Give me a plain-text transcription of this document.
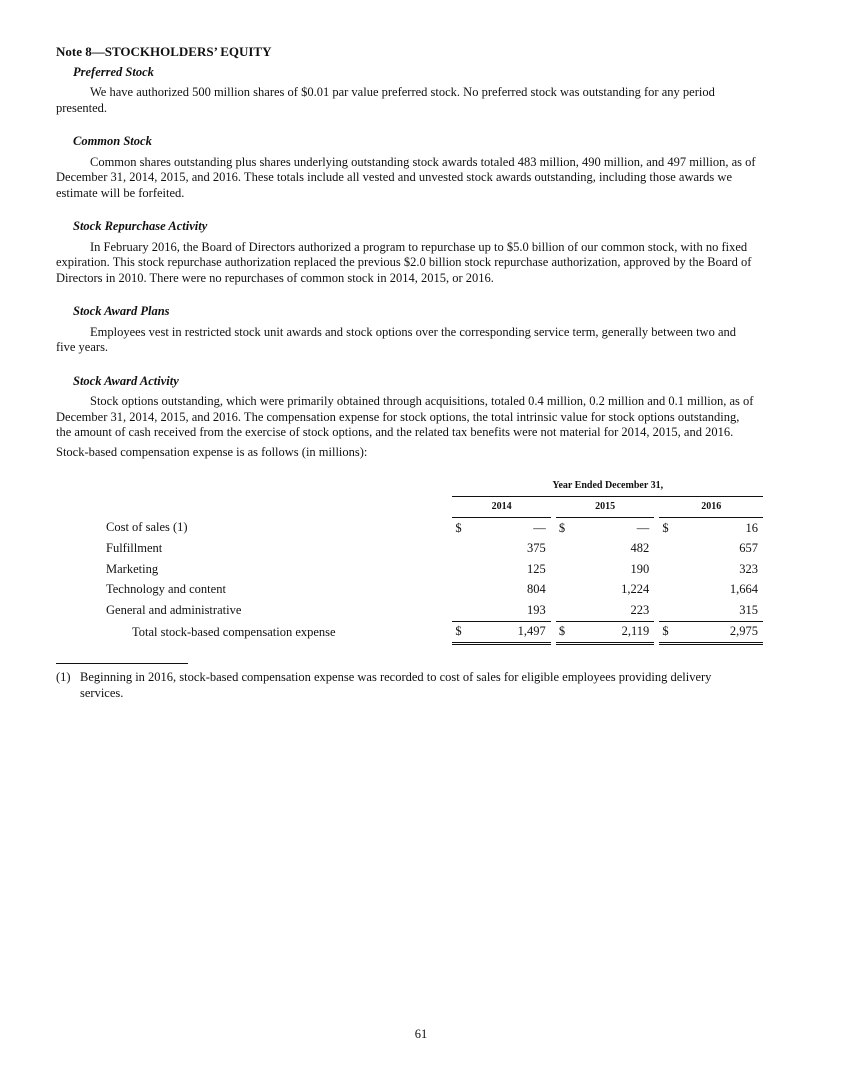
Note 8—STOCKHOLDERS’ EQUITY
Preferred Stock

We have authorized 500 million shares of $0.01 par value preferred stock. No preferred stock was outstanding for any period presented.

Common Stock

Common shares outstanding plus shares underlying outstanding stock awards totaled 483 million, 490 million, and 497 million, as of December 31, 2014, 2015, and 2016. These totals include all vested and unvested stock awards outstanding, including those awards we estimate will be forfeited.

Stock Repurchase Activity

In February 2016, the Board of Directors authorized a program to repurchase up to $5.0 billion of our common stock, with no fixed expiration. This stock repurchase authorization replaced the previous $2.0 billion stock repurchase authorization, approved by the Board of Directors in 2010. There were no repurchases of common stock in 2014, 2015, or 2016.

Stock Award Plans

Employees vest in restricted stock unit awards and stock options over the corresponding service term, generally between two and five years.

Stock Award Activity

Stock options outstanding, which were primarily obtained through acquisitions, totaled 0.4 million, 0.2 million and 0.1 million, as of December 31, 2014, 2015, and 2016. The compensation expense for stock options, the total intrinsic value for stock options outstanding, the amount of cash received from the exercise of stock options, and the related tax benefits were not material for 2014, 2015, and 2016.

Stock-based compensation expense is as follows (in millions):

	Year Ended December 31,							
	2014			2015			2016	
Cost of sales (1)	$	—		$	—		$	16
Fulfillment		375			482			657
Marketing		125			190			323
Technology and content		804			1,224			1,664
General and administrative		193			223			315
Total stock-based compensation expense	$	1,497		$	2,119		$	2,975
(1) Beginning in 2016, stock-based compensation expense was recorded to cost of sales for eligible employees providing delivery services.
61
